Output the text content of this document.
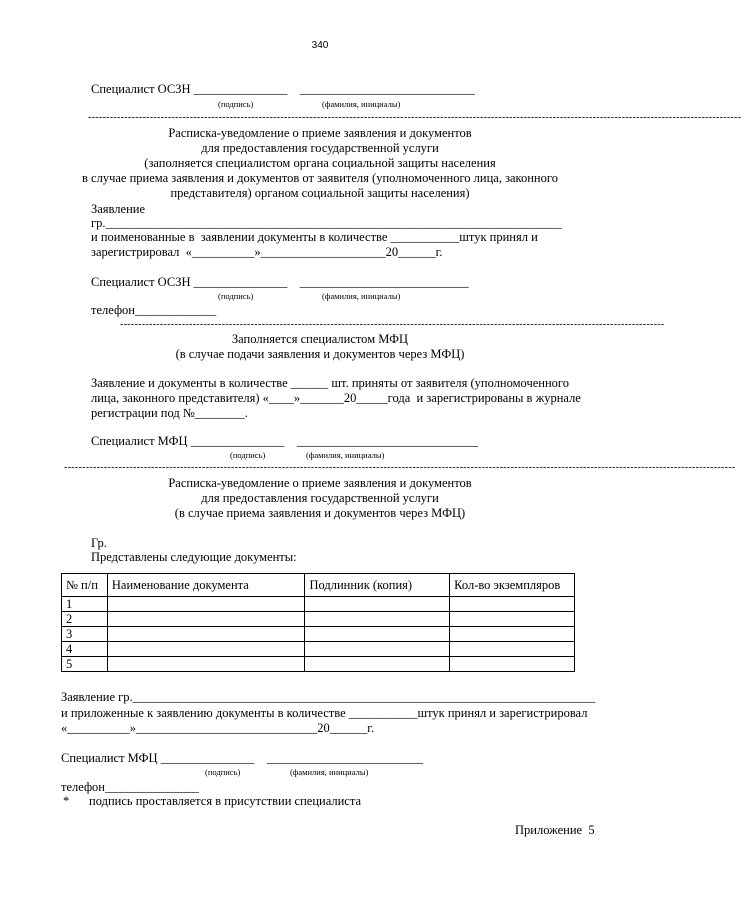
340
Специалист ОСЗН _______________    ____________________________
(подпись)	(фамилия, инициалы)
------------------------------------------------------------------------------------------------------------------------------------------------------------------------------------
Расписка-уведомление о приеме заявления и документов
для предоставления государственной услуги
(заполняется специалистом органа социальной защиты населения
в случае приема заявления и документов от заявителя (уполномоченного лица, законного
представителя) органом социальной защиты населения)
Заявление
гр._________________________________________________________________________
и поименованные в  заявлении документы в количестве ___________штук принял и
зарегистрировал  «__________»____________________20______г.
Специалист ОСЗН _______________    ___________________________
(подпись)	(фамилия, инициалы)
телефон_____________
------------------------------------------------------------------------------------------------------------------------------------------------------
Заполняется специалистом МФЦ
(в случае подачи заявления и документов через МФЦ)
Заявление и документы в количестве ______ шт. приняты от заявителя (уполномоченного
лица, законного представителя) «____»_______20_____года  и зарегистрированы в журнале
регистрации под №________.
Специалист МФЦ _______________    _____________________________
(подпись)	(фамилия, инициалы)
-----------------------------------------------------------------------------------------------------------------------------------------------------------------------------------------
Расписка-уведомление о приеме заявления и документов
для предоставления государственной услуги
(в случае приема заявления и документов через МФЦ)
Гр.
Представлены следующие документы:
№ п/п	Наименование документа	Подлинник (копия)	Кол-во экземпляров
1			
2			
3			
4			
5			
Заявление гр.__________________________________________________________________________
и приложенные к заявлению документы в количестве ___________штук принял и зарегистрировал
«__________»_____________________________20______г.
Специалист МФЦ _______________    _________________________
(подпись)	(фамилия, инициалы)
телефон_______________
* подпись проставляется в присутствии специалиста
Приложение  5
